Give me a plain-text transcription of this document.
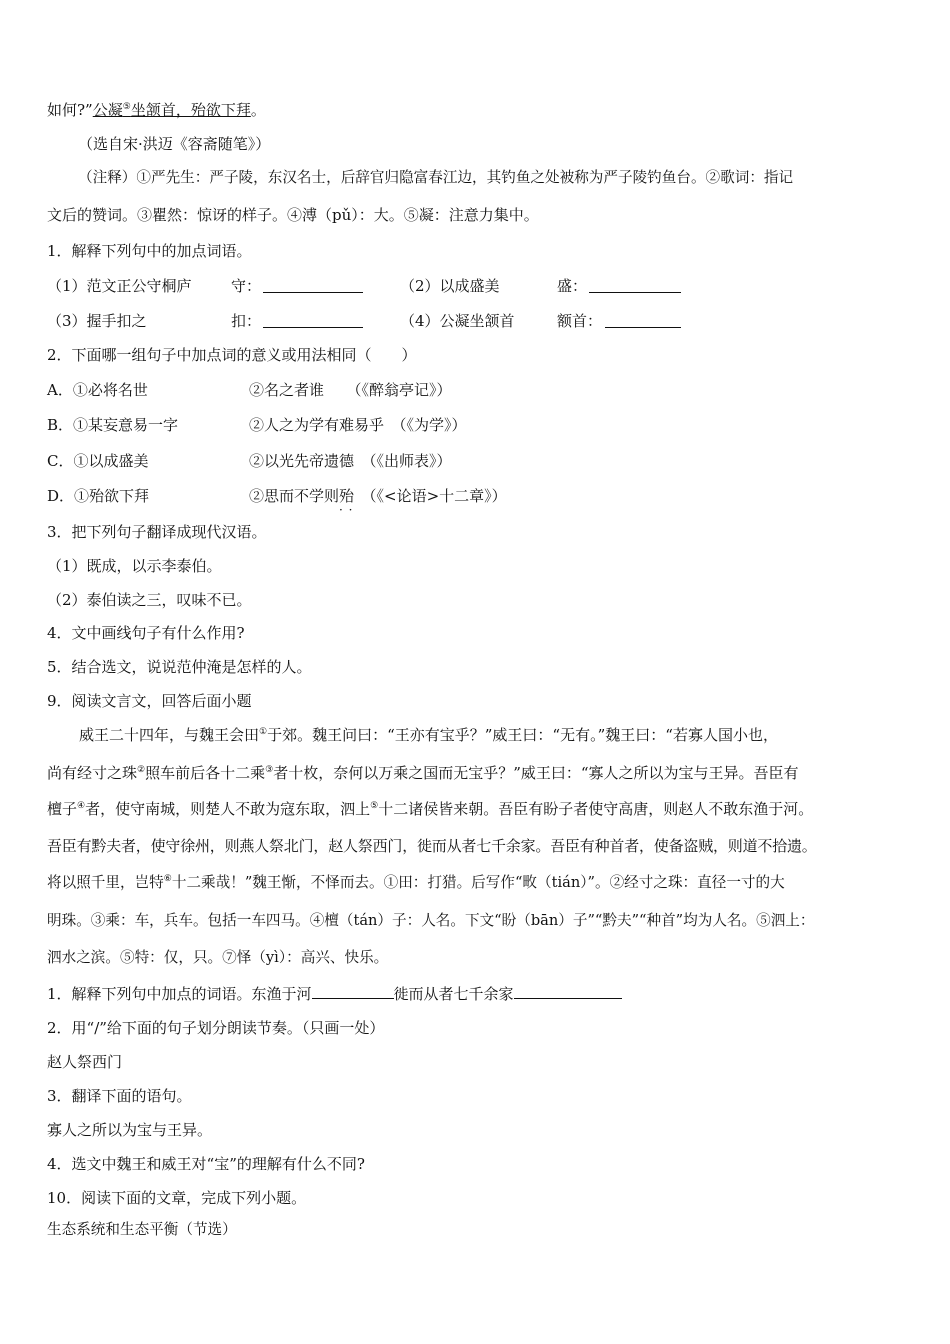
如何?”公凝⑤坐颔首，殆欲下拜。
（选自宋·洪迈《容斋随笔》）
（注释）①严先生：严子陵，东汉名士，后辞官归隐富春江边，其钓鱼之处被称为严子陵钓鱼台。②歌词：指记
文后的赞词。③瞿然：惊讶的样子。④溥（pǔ）：大。⑤凝：注意力集中。
1．解释下列句中的加点词语。
（1）范文正公守桐庐	守：	（2）以成盛美	盛：
（3）握手扣之	扣：	（4）公凝坐颔首	额首：
2．下面哪一组句子中加点词的意义或用法相同（　　）
A．①必将名世	②名之者谁　　（《醉翁亭记》）
B．①某妄意易一字	②人之为学有难易乎　（《为学》）
C．①以成盛美	②以光先帝遗德　（《出师表》）
D．①殆欲下拜	②思而不学则殆 · ·　（《<论语>十二章》）
3．把下列句子翻译成现代汉语。
（1）既成，以示李泰伯。
（2）泰伯读之三，叹味不已。
4．文中画线句子有什么作用?
5．结合选文，说说范仲淹是怎样的人。
9．阅读文言文，回答后面小题
威王二十四年，与魏王会田①于郊。魏王问曰：“王亦有宝乎？”威王曰：“无有。”魏王曰：“若寡人国小也，
尚有经寸之珠②照车前后各十二乘③者十枚，奈何以万乘之国而无宝乎？”威王曰：“寡人之所以为宝与王异。吾臣有
檀子④者，使守南城，则楚人不敢为寇东取，泗上⑤十二诸侯皆来朝。吾臣有盼子者使守高唐，则赵人不敢东渔于河。
吾臣有黔夫者，使守徐州，则燕人祭北门，赵人祭西门，徙而从者七千余家。吾臣有种首者，使备盗贼，则道不拾遗。
将以照千里，岂特⑥十二乘哉！”魏王惭，不怿而去。①田：打猎。后写作“畋（tián）”。②经寸之珠：直径一寸的大
明珠。③乘：车，兵车。包括一车四马。④檀（tán）子：人名。下文“盼（bān）子”“黔夫”“种首”均为人名。⑤泗上：
泗水之滨。⑤特：仅，只。⑦怿（yì）：高兴、快乐。
1．解释下列句中加点的词语。东渔于河	徙而从者七千余家
2．用“/”给下面的句子划分朗读节奏。（只画一处）
赵人祭西门
3．翻译下面的语句。
寡人之所以为宝与王异。
4．选文中魏王和威王对“宝”的理解有什么不同?
10．阅读下面的文章，完成下列小题。
生态系统和生态平衡（节选）
